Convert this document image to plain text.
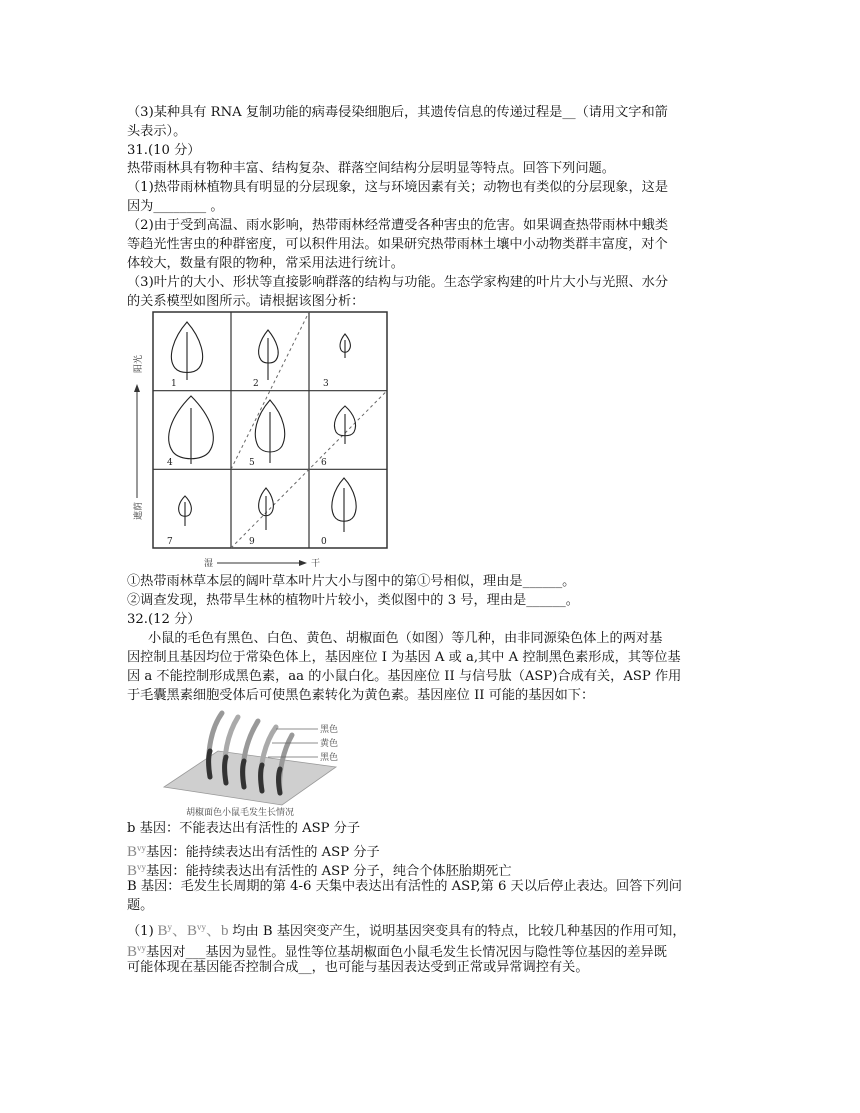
（3)某种具有 RNA 复制功能的病毒侵染细胞后，其遗传信息的传递过程是__（请用文字和箭
头表示）。
31.(10 分）
热带雨林具有物种丰富、结构复杂、群落空间结构分层明显等特点。回答下列问题。
（1)热带雨林植物具有明显的分层现象，这与环境因素有关；动物也有类似的分层现象，这是
因为________ 。
（2)由于受到高温、雨水影响，热带雨林经常遭受各种害虫的危害。如果调查热带雨林中蛾类
等趋光性害虫的种群密度，可以积件用法。如果研究热带雨林土壤中小动物类群丰富度，对个
体较大，数量有限的物种，常采用法进行统计。
（3)叶片的大小、形状等直接影响群落的结构与功能。生态学家构建的叶片大小与光照、水分
的关系模型如图所示。请根据该图分析：
1	2	3
4	5	6
7	9	0
阳光
遮荫
湿	干
①热带雨林草本层的阔叶草本叶片大小与图中的第①号相似，理由是______。
②调查发现，热带旱生林的植物叶片较小，类似图中的 3 号，理由是______。
32.(12 分）
小鼠的毛色有黑色、白色、黄色、胡椒面色（如图）等几种，由非同源染色体上的两对基
因控制且基因均位于常染色体上，基因座位 I 为基因 A 或 a,其中 A 控制黑色素形成，其等位基
因 a 不能控制形成黑色素，aa 的小鼠白化。基因座位 II 与信号肽（ASP)合成有关，ASP 作用
于毛囊黑素细胞受体后可使黑色素转化为黄色素。基因座位 II 可能的基因如下：
黑色
黄色
黑色
胡椒面色小鼠毛发生长情况
b 基因：不能表达出有活性的 ASP 分子
$B^{vy}$基因：能持续表达出有活性的 ASP 分子
$B^{vy}$基因：能持续表达出有活性的 ASP 分子，纯合个体胚胎期死亡
B 基因：毛发生长周期的第 4-6 天集中表达出有活性的 ASP,第 6 天以后停止表达。回答下列问
题。
（1) $B^y$、$B^{vy}$、b 均由 B 基因突变产生，说明基因突变具有的特点，比较几种基因的作用可知，
$B^{vy}$基因对___基因为显性。显性等位基胡椒面色小鼠毛发生长情况因与隐性等位基因的差异既
可能体现在基因能否控制合成__，也可能与基因表达受到正常或异常调控有关。
